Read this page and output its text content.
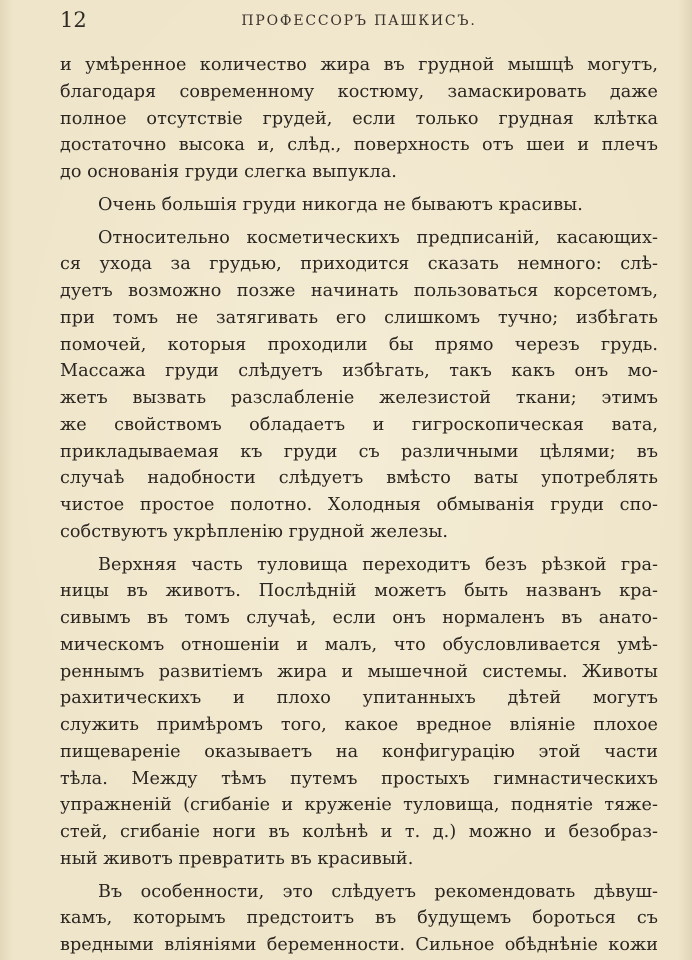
12	ПРОФЕССОРЪ ПАШКИСЪ.
и умѣренное количество жира въ грудной мышцѣ могутъ,
благодаря современному костюму, замаскировать даже
полное отсутствіе грудей, если только грудная клѣтка
достаточно высока и, слѣд., поверхность отъ шеи и плечъ
до основанія груди слегка выпукла.
Очень большія груди никогда не бываютъ красивы.
Относительно косметическихъ предписаній, касающих-
ся ухода за грудью, приходится сказать немного: слѣ-
дуетъ возможно позже начинать пользоваться корсетомъ,
при томъ не затягивать его слишкомъ тучно; избѣгать
помочей, которыя проходили бы прямо черезъ грудь.
Массажа груди слѣдуетъ избѣгать, такъ какъ онъ мо-
жетъ вызвать разслабленіе железистой ткани; этимъ
же свойствомъ обладаетъ и гигроскопическая вата,
прикладываемая къ груди съ различными цѣлями; въ
случаѣ надобности слѣдуетъ вмѣсто ваты употреблять
чистое простое полотно. Холодныя обмыванія груди спо-
собствуютъ укрѣпленію грудной железы.
Верхняя часть туловища переходитъ безъ рѣзкой гра-
ницы въ животъ. Послѣдній можетъ быть названъ кра-
сивымъ въ томъ случаѣ, если онъ нормаленъ въ анато-
мическомъ отношеніи и малъ, что обусловливается умѣ-
реннымъ развитіемъ жира и мышечной системы. Животы
рахитическихъ и плохо упитанныхъ дѣтей могутъ
служить примѣромъ того, какое вредное вліяніе плохое
пищевареніе оказываетъ на конфигурацію этой части
тѣла. Между тѣмъ путемъ простыхъ гимнастическихъ
упражненій (сгибаніе и круженіе туловища, поднятіе тяже-
стей, сгибаніе ноги въ колѣнѣ и т. д.) можно и безобраз-
ный животъ превратить въ красивый.
Въ особенности, это слѣдуетъ рекомендовать дѣвуш-
камъ, которымъ предстоитъ въ будущемъ бороться съ
вредными вліяніями беременности. Сильное обѣднѣніе кожи
